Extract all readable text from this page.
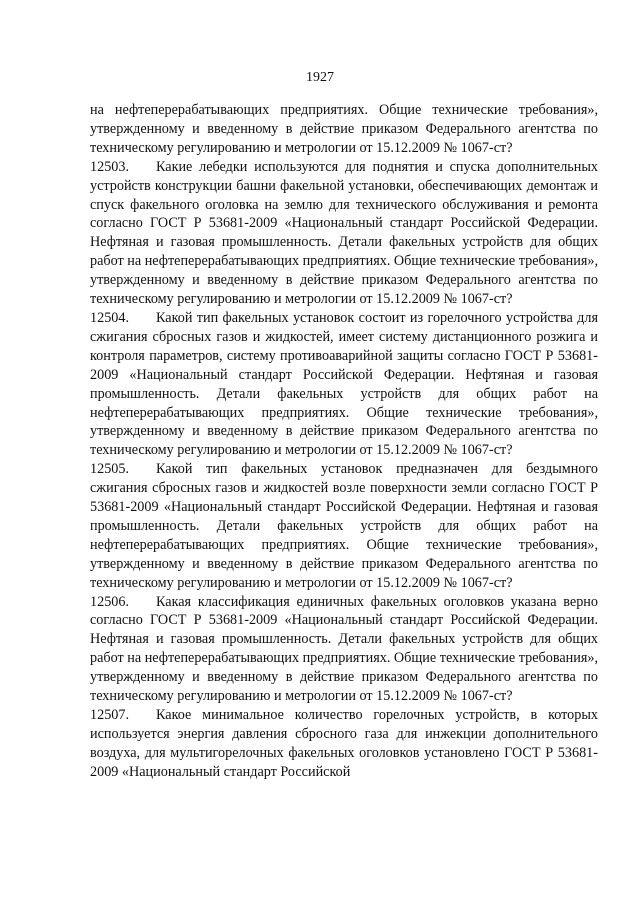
1927

на нефтеперерабатывающих предприятиях. Общие технические требования», утвержденному и введенному в действие приказом Федерального агентства по техническому регулированию и метрологии от 15.12.2009 № 1067-ст?

12503. Какие лебедки используются для поднятия и спуска дополнительных устройств конструкции башни факельной установки, обеспечивающих демонтаж и спуск факельного оголовка на землю для технического обслуживания и ремонта согласно ГОСТ Р 53681-2009 «Национальный стандарт Российской Федерации. Нефтяная и газовая промышленность. Детали факельных устройств для общих работ на нефтеперерабатывающих предприятиях. Общие технические требования», утвержденному и введенному в действие приказом Федерального агентства по техническому регулированию и метрологии от 15.12.2009 № 1067-ст?

12504. Какой тип факельных установок состоит из горелочного устройства для сжигания сбросных газов и жидкостей, имеет систему дистанционного розжига и контроля параметров, систему противоаварийной защиты согласно ГОСТ Р 53681-2009 «Национальный стандарт Российской Федерации. Нефтяная и газовая промышленность. Детали факельных устройств для общих работ на нефтеперерабатывающих предприятиях. Общие технические требования», утвержденному и введенному в действие приказом Федерального агентства по техническому регулированию и метрологии от 15.12.2009 № 1067-ст?

12505. Какой тип факельных установок предназначен для бездымного сжигания сбросных газов и жидкостей возле поверхности земли согласно ГОСТ Р 53681-2009 «Национальный стандарт Российской Федерации. Нефтяная и газовая промышленность. Детали факельных устройств для общих работ на нефтеперерабатывающих предприятиях. Общие технические требования», утвержденному и введенному в действие приказом Федерального агентства по техническому регулированию и метрологии от 15.12.2009 № 1067-ст?

12506. Какая классификация единичных факельных оголовков указана верно согласно ГОСТ Р 53681-2009 «Национальный стандарт Российской Федерации. Нефтяная и газовая промышленность. Детали факельных устройств для общих работ на нефтеперерабатывающих предприятиях. Общие технические требования», утвержденному и введенному в действие приказом Федерального агентства по техническому регулированию и метрологии от 15.12.2009 № 1067-ст?

12507. Какое минимальное количество горелочных устройств, в которых используется энергия давления сбросного газа для инжекции дополнительного воздуха, для мультигорелочных факельных оголовков установлено ГОСТ Р 53681-2009 «Национальный стандарт Российской
